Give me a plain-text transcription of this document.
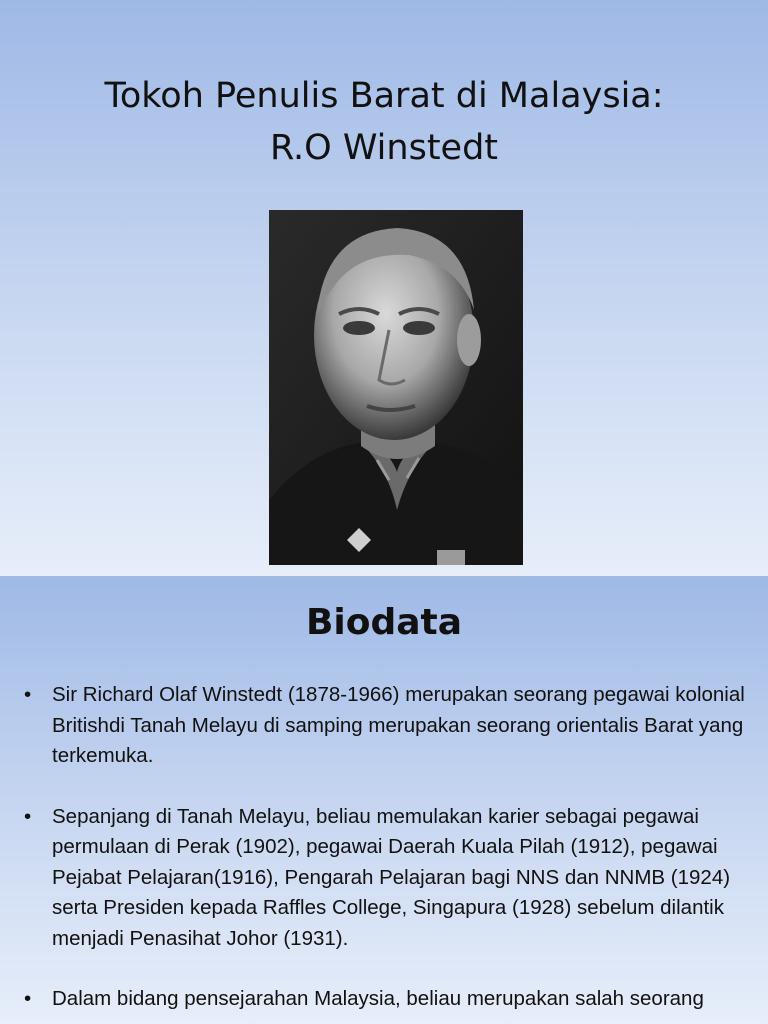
Tokoh Penulis Barat di Malaysia:
R.O Winstedt
Biodata
• Sir Richard Olaf Winstedt (1878-1966) merupakan seorang pegawai kolonial Britishdi Tanah Melayu di samping merupakan seorang orientalis Barat yang terkemuka.
• Sepanjang di Tanah Melayu, beliau memulakan karier sebagai pegawai permulaan di Perak (1902), pegawai Daerah Kuala Pilah (1912), pegawai Pejabat Pelajaran(1916), Pengarah Pelajaran bagi NNS dan NNMB (1924) serta Presiden kepada Raffles College, Singapura (1928) sebelum dilantik menjadi Penasihat Johor (1931).
• Dalam bidang pensejarahan Malaysia, beliau merupakan salah seorang
